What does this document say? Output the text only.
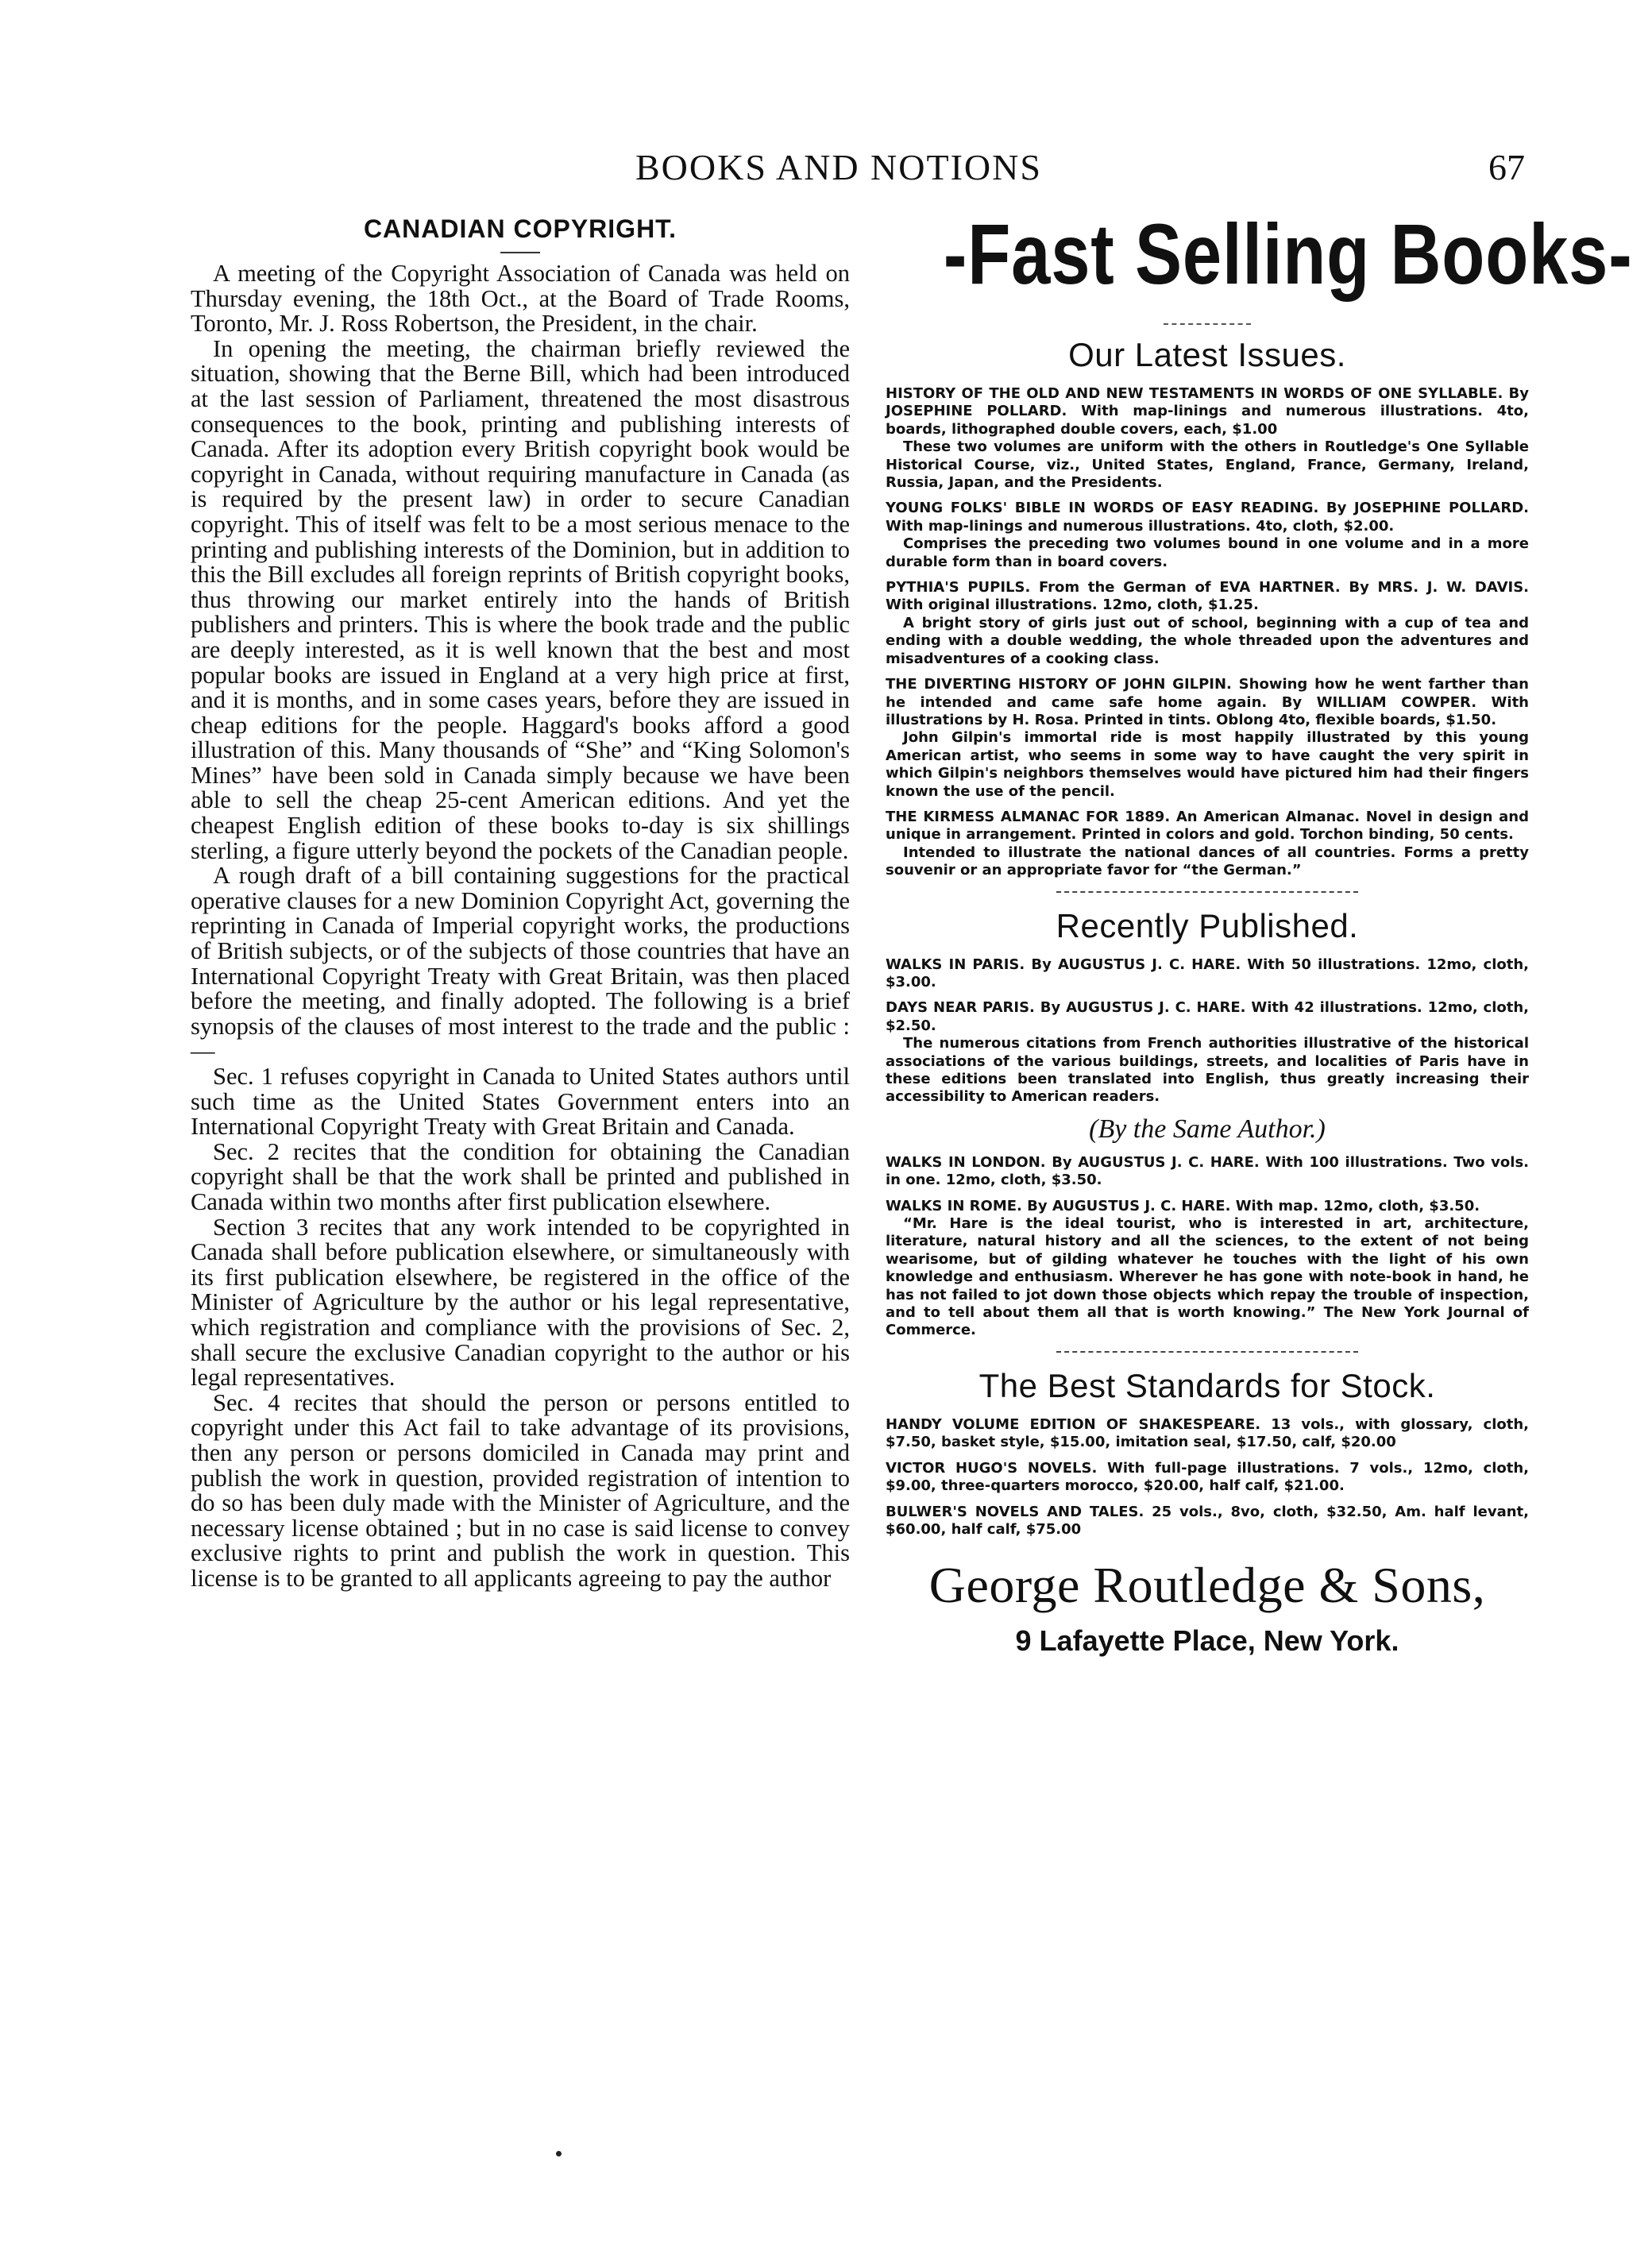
BOOKS AND NOTIONS	67
CANADIAN COPYRIGHT.

A meeting of the Copyright Association of Canada was held on Thursday evening, the 18th Oct., at the Board of Trade Rooms, Toronto, Mr. J. Ross Robertson, the President, in the chair.

In opening the meeting, the chairman briefly reviewed the situation, showing that the Berne Bill, which had been introduced at the last session of Parliament, threatened the most disastrous consequences to the book, printing and publishing interests of Canada. After its adoption every British copyright book would be copyright in Canada, without requiring manufacture in Canada (as is required by the present law) in order to secure Canadian copyright. This of itself was felt to be a most serious menace to the printing and publishing interests of the Dominion, but in addition to this the Bill excludes all foreign reprints of British copyright books, thus throwing our market entirely into the hands of British publishers and printers. This is where the book trade and the public are deeply interested, as it is well known that the best and most popular books are issued in England at a very high price at first, and it is months, and in some cases years, before they are issued in cheap editions for the people. Haggard's books afford a good illustration of this. Many thousands of “She” and “King Solomon's Mines” have been sold in Canada simply because we have been able to sell the cheap 25-cent American editions. And yet the cheapest English edition of these books to-day is six shillings sterling, a figure utterly beyond the pockets of the Canadian people.

A rough draft of a bill containing suggestions for the practical operative clauses for a new Dominion Copyright Act, governing the reprinting in Canada of Imperial copyright works, the productions of British subjects, or of the subjects of those countries that have an International Copyright Treaty with Great Britain, was then placed before the meeting, and finally adopted. The following is a brief synopsis of the clauses of most interest to the trade and the public :—

Sec. 1 refuses copyright in Canada to United States authors until such time as the United States Government enters into an International Copyright Treaty with Great Britain and Canada.

Sec. 2 recites that the condition for obtaining the Canadian copyright shall be that the work shall be printed and published in Canada within two months after first publication elsewhere.

Section 3 recites that any work intended to be copyrighted in Canada shall before publication elsewhere, or simultaneously with its first publication elsewhere, be registered in the office of the Minister of Agriculture by the author or his legal representative, which registration and compliance with the provisions of Sec. 2, shall secure the exclusive Canadian copyright to the author or his legal representatives.

Sec. 4 recites that should the person or persons entitled to copyright under this Act fail to take advantage of its provisions, then any person or persons domiciled in Canada may print and publish the work in question, provided registration of intention to do so has been duly made with the Minister of Agriculture, and the necessary license obtained ; but in no case is said license to convey exclusive rights to print and publish the work in question. This license is to be granted to all applicants agreeing to pay the author

-Fast Selling Books-
Our Latest Issues.
HISTORY OF THE OLD AND NEW TESTAMENTS IN WORDS OF ONE SYLLABLE. By JOSEPHINE POLLARD. With map-linings and numerous illustrations. 4to, boards, lithographed double covers, each, $1.00
These two volumes are uniform with the others in Routledge's One Syllable Historical Course, viz., United States, England, France, Germany, Ireland, Russia, Japan, and the Presidents.
YOUNG FOLKS' BIBLE IN WORDS OF EASY READING. By JOSEPHINE POLLARD. With map-linings and numerous illustrations. 4to, cloth, $2.00.
Comprises the preceding two volumes bound in one volume and in a more durable form than in board covers.
PYTHIA'S PUPILS. From the German of EVA HARTNER. By MRS. J. W. DAVIS. With original illustrations. 12mo, cloth, $1.25.
A bright story of girls just out of school, beginning with a cup of tea and ending with a double wedding, the whole threaded upon the adventures and misadventures of a cooking class.
THE DIVERTING HISTORY OF JOHN GILPIN. Showing how he went farther than he intended and came safe home again. By WILLIAM COWPER. With illustrations by H. Rosa. Printed in tints. Oblong 4to, flexible boards, $1.50.
John Gilpin's immortal ride is most happily illustrated by this young American artist, who seems in some way to have caught the very spirit in which Gilpin's neighbors themselves would have pictured him had their fingers known the use of the pencil.
THE KIRMESS ALMANAC FOR 1889. An American Almanac. Novel in design and unique in arrangement. Printed in colors and gold. Torchon binding, 50 cents.
Intended to illustrate the national dances of all countries. Forms a pretty souvenir or an appropriate favor for “the German.”
Recently Published.
WALKS IN PARIS. By AUGUSTUS J. C. HARE. With 50 illustrations. 12mo, cloth, $3.00.
DAYS NEAR PARIS. By AUGUSTUS J. C. HARE. With 42 illustrations. 12mo, cloth, $2.50.
The numerous citations from French authorities illustrative of the historical associations of the various buildings, streets, and localities of Paris have in these editions been translated into English, thus greatly increasing their accessibility to American readers.
(By the Same Author.)
WALKS IN LONDON. By AUGUSTUS J. C. HARE. With 100 illustrations. Two vols. in one. 12mo, cloth, $3.50.
WALKS IN ROME. By AUGUSTUS J. C. HARE. With map. 12mo, cloth, $3.50.
“Mr. Hare is the ideal tourist, who is interested in art, architecture, literature, natural history and all the sciences, to the extent of not being wearisome, but of gilding whatever he touches with the light of his own knowledge and enthusiasm. Wherever he has gone with note-book in hand, he has not failed to jot down those objects which repay the trouble of inspection, and to tell about them all that is worth knowing.” The New York Journal of Commerce.
The Best Standards for Stock.
HANDY VOLUME EDITION OF SHAKESPEARE. 13 vols., with glossary, cloth, $7.50, basket style, $15.00, imitation seal, $17.50, calf, $20.00
VICTOR HUGO'S NOVELS. With full-page illustrations. 7 vols., 12mo, cloth, $9.00, three-quarters morocco, $20.00, half calf, $21.00.
BULWER'S NOVELS AND TALES. 25 vols., 8vo, cloth, $32.50, Am. half levant, $60.00, half calf, $75.00
George Routledge & Sons,
9 Lafayette Place, New York.
